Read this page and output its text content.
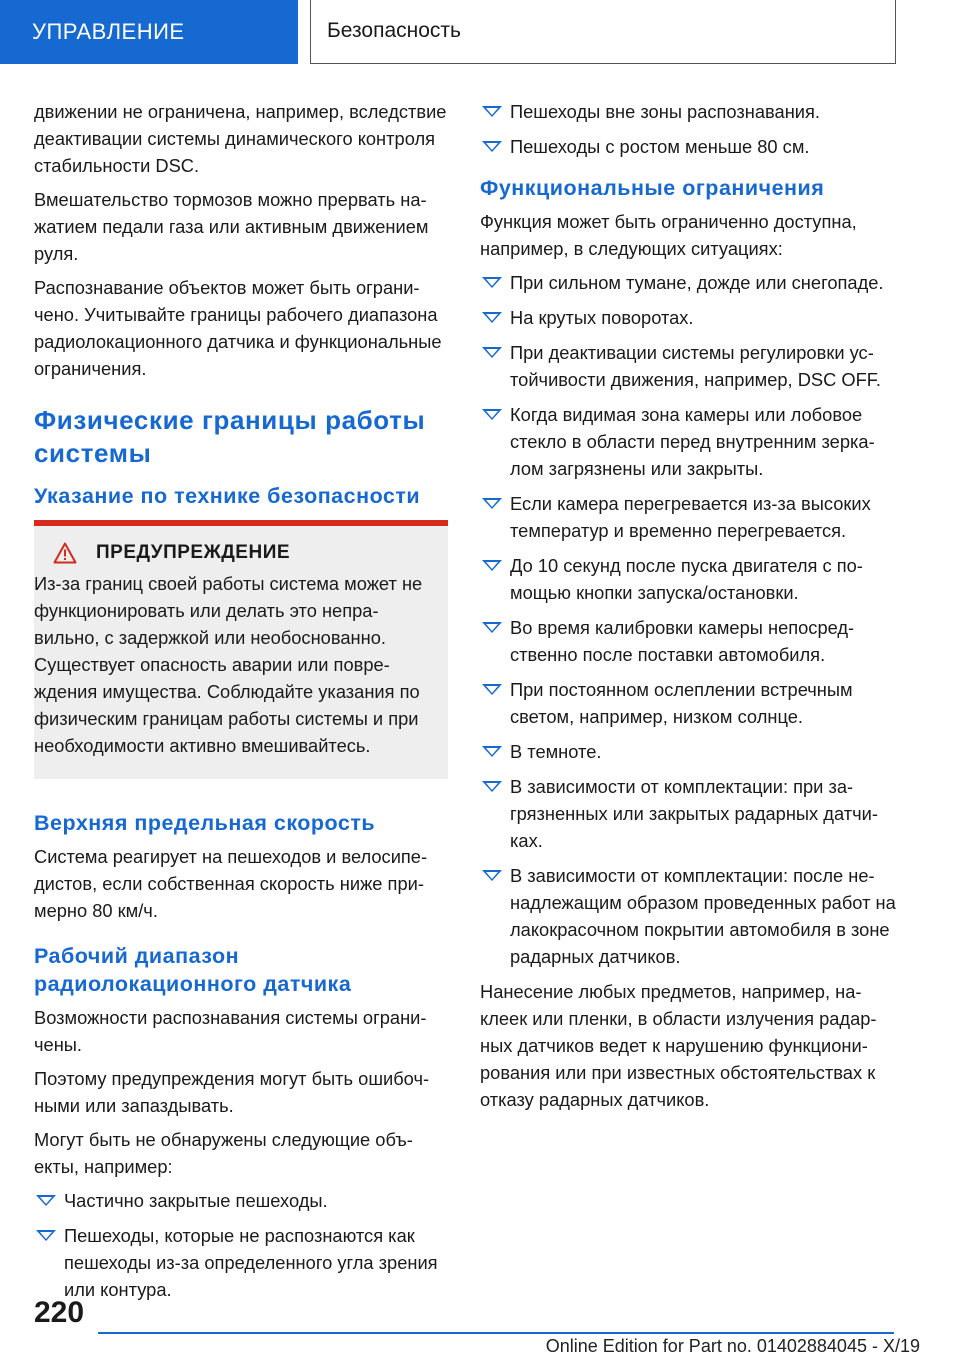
УПРАВЛЕНИЕ	Безопасность

движении не ограничена, например, вследствие деактивации системы динамического контроля стабильности DSC.

Вмешательство тормозов можно прервать нажатием педали газа или активным движением руля.

Распознавание объектов может быть ограничено. Учитывайте границы рабочего диапазона радиолокационного датчика и функциональные ограничения.

Физические границы работы системы
Указание по технике безопасности
ПРЕДУПРЕЖДЕНИЕ

Из-за границ своей работы система может не функционировать или делать это неправильно, с задержкой или необоснованно. Существует опасность аварии или повреждения имущества. Соблюдайте указания по физическим границам работы системы и при необходимости активно вмешивайтесь.

Верхняя предельная скорость

Система реагирует на пешеходов и велосипедистов, если собственная скорость ниже примерно 80 км/ч.

Рабочий диапазон радиолокационного датчика

Возможности распознавания системы ограничены.

Поэтому предупреждения могут быть ошибочными или запаздывать.

Могут быть не обнаружены следующие объекты, например:

Частично закрытые пешеходы.
Пешеходы, которые не распознаются как пешеходы из-за определенного угла зрения или контура.
Пешеходы вне зоны распознавания.
Пешеходы с ростом меньше 80 см.
Функциональные ограничения

Функция может быть ограниченно доступна, например, в следующих ситуациях:

При сильном тумане, дожде или снегопаде.
На крутых поворотах.
При деактивации системы регулировки устойчивости движения, например, DSC OFF.
Когда видимая зона камеры или лобовое стекло в области перед внутренним зеркалом загрязнены или закрыты.
Если камера перегревается из-за высоких температур и временно перегревается.
До 10 секунд после пуска двигателя с помощью кнопки запуска/остановки.
Во время калибровки камеры непосредственно после поставки автомобиля.
При постоянном ослеплении встречным светом, например, низком солнце.
В темноте.
В зависимости от комплектации: при загрязненных или закрытых радарных датчиках.
В зависимости от комплектации: после ненадлежащим образом проведенных работ на лакокрасочном покрытии автомобиля в зоне радарных датчиков.

Нанесение любых предметов, например, наклеек или пленки, в области излучения радарных датчиков ведет к нарушению функционирования или при известных обстоятельствах к отказу радарных датчиков.

220
Online Edition for Part no. 01402884045 - X/19
